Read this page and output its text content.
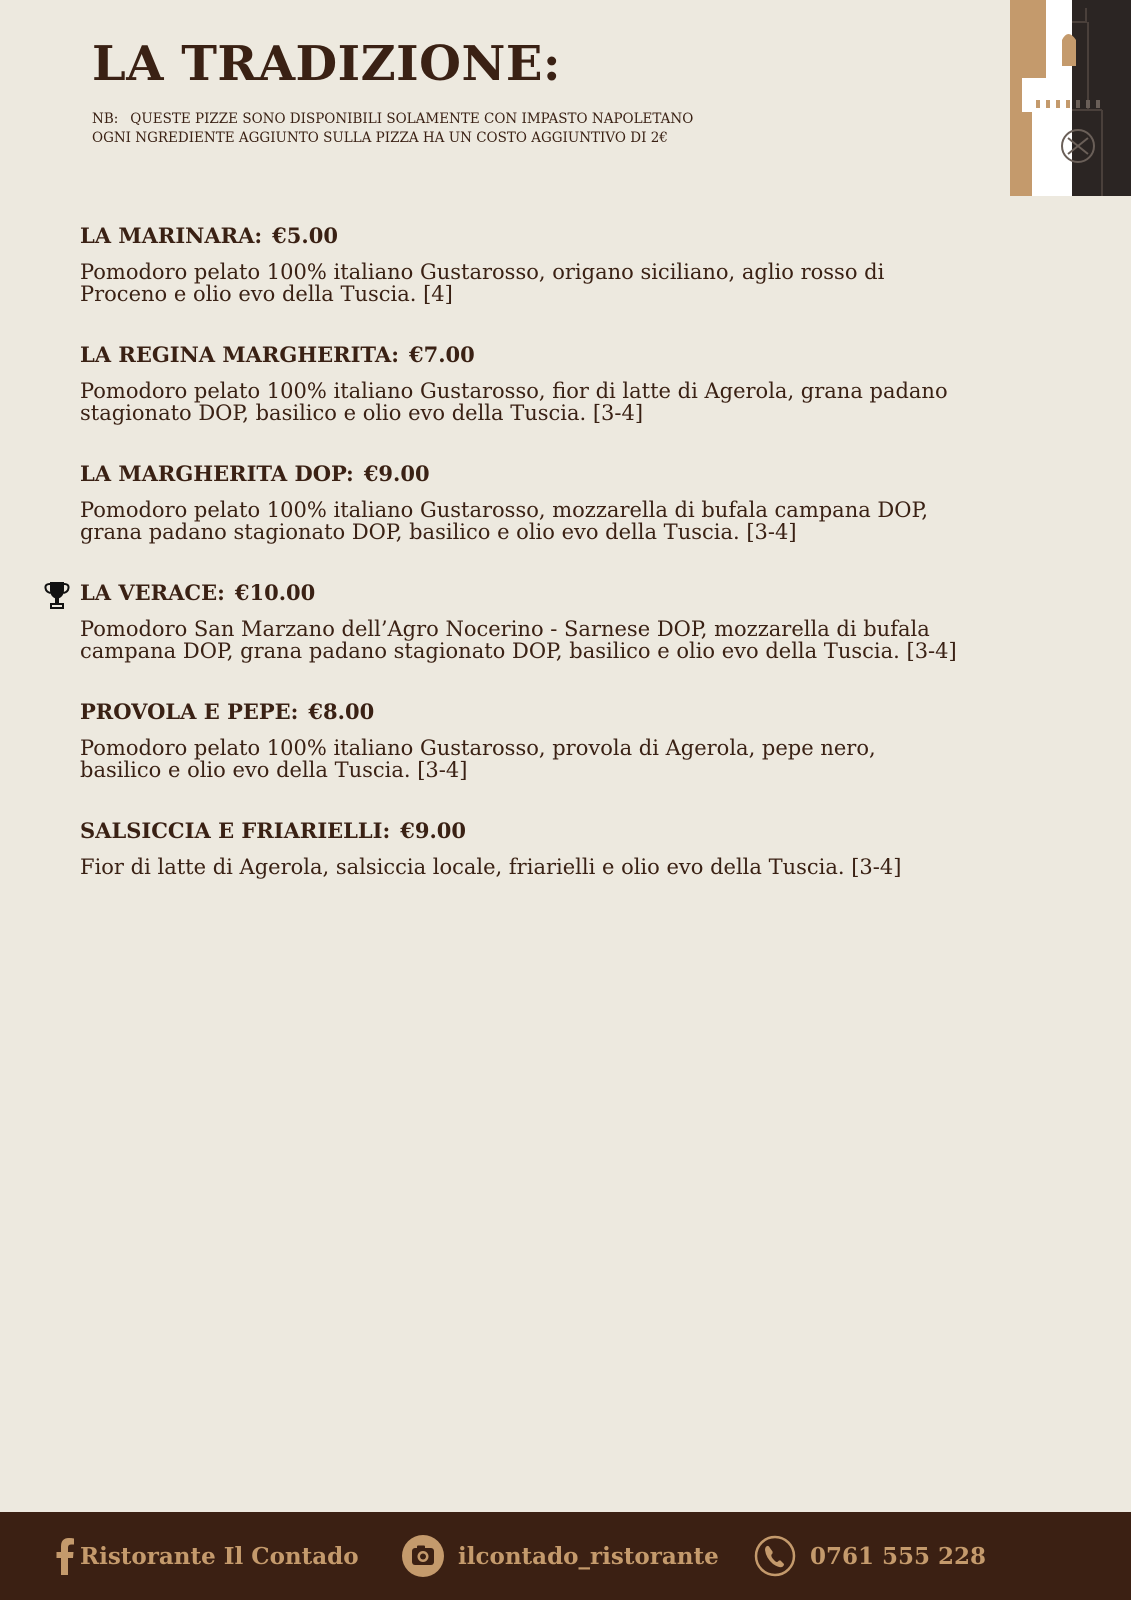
LA TRADIZIONE:
NB: QUESTE PIZZE SONO DISPONIBILI SOLAMENTE CON IMPASTO NAPOLETANO
OGNI NGREDIENTE AGGIUNTO SULLA PIZZA HA UN COSTO AGGIUNTIVO DI 2€
LA MARINARA: €5.00
Pomodoro pelato 100% italiano Gustarosso, origano siciliano, aglio rosso di Proceno e olio evo della Tuscia. [4]
LA REGINA MARGHERITA: €7.00
Pomodoro pelato 100% italiano Gustarosso, fior di latte di Agerola, grana padano stagionato DOP, basilico e olio evo della Tuscia. [3-4]
LA MARGHERITA DOP: €9.00
Pomodoro pelato 100% italiano Gustarosso, mozzarella di bufala campana DOP, grana padano stagionato DOP, basilico e olio evo della Tuscia. [3-4]
LA VERACE: €10.00
Pomodoro San Marzano dell’Agro Nocerino - Sarnese DOP, mozzarella di bufala campana DOP, grana padano stagionato DOP, basilico e olio evo della Tuscia. [3-4]
PROVOLA E PEPE: €8.00
Pomodoro pelato 100% italiano Gustarosso, provola di Agerola, pepe nero, basilico e olio evo della Tuscia. [3-4]
SALSICCIA E FRIARIELLI: €9.00
Fior di latte di Agerola, salsiccia locale, friarielli e olio evo della Tuscia. [3-4]
Ristorante Il Contado	ilcontado_ristorante	0761 555 228
